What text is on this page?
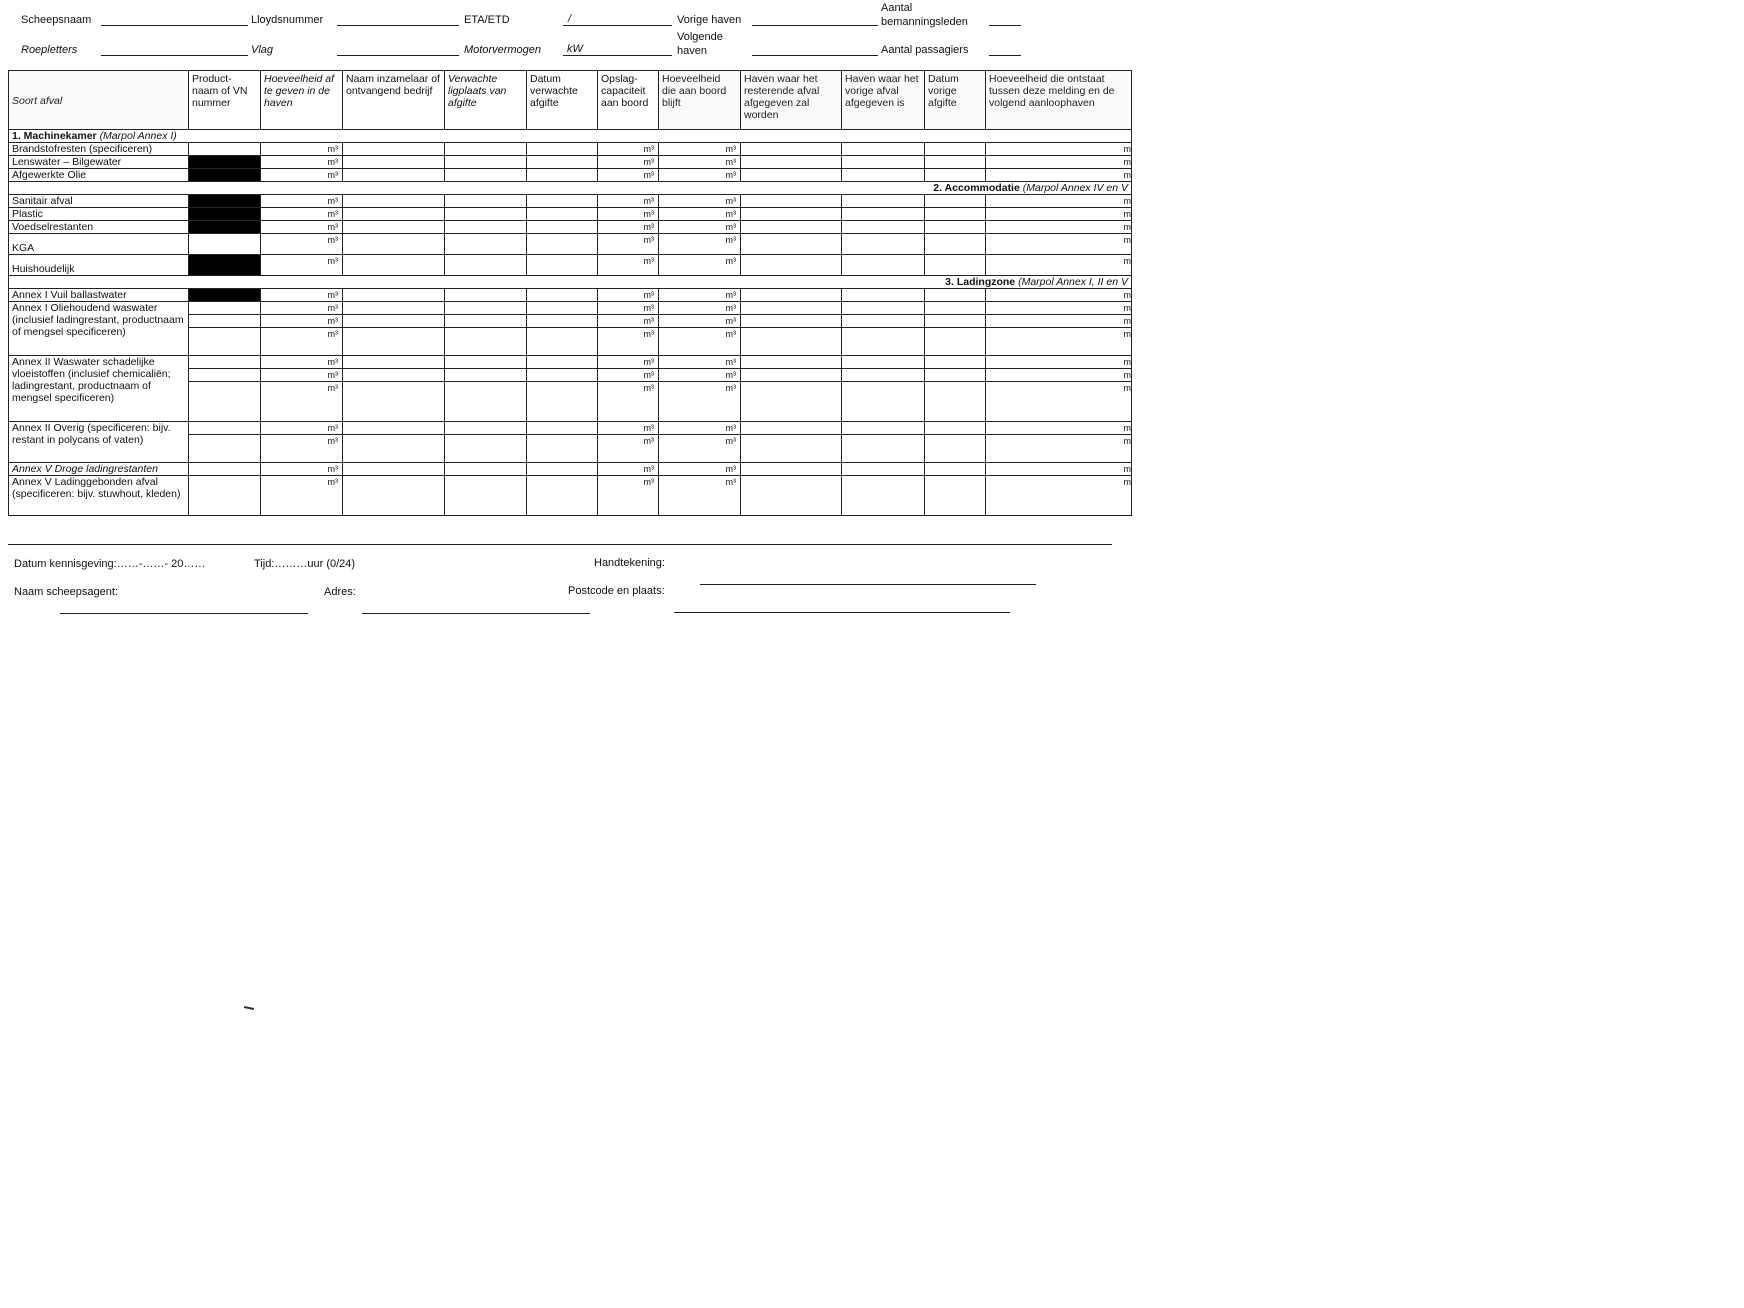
Scheepsnaam	Lloydsnummer	ETA/ETD	/	Vorige haven
Aantal bemanningsleden
Roepletters	Vlag	Motorvermogen kW
Volgende haven	Aantal passagiers
Soort afval	Product-naam of VN nummer	Hoeveelheid af te geven in de haven	Naam inzamelaar of ontvangend bedrijf	Verwachte ligplaats van afgifte	Datum verwachte afgifte	Opslag-capaciteit aan boord	Hoeveelheid die aan boord blijft	Haven waar het resterende afval afgegeven zal worden	Haven waar het vorige afval afgegeven is	Datum vorige afgifte	Hoeveelheid die ontstaat tussen deze melding en de volgend aanloophaven
1. Machinekamer (Marpol Annex I)											
Brandstofresten (specificeren)		m³				m³	m³				m
Lenswater – Bilgewater		m³				m³	m³				m
Afgewerkte Olie		m³				m³	m³				m
2. Accommodatie (Marpol Annex IV en V											
Sanitair afval		m³				m³	m³				m
Plastic		m³				m³	m³				m
Voedselrestanten		m³				m³	m³				m
KGA		m³				m³	m³				m
Huishoudelijk		m³				m³	m³				m
3. Ladingzone (Marpol Annex I, II en V											
Annex I Vuil ballastwater		m³				m³	m³				m
Annex I Oliehoudend waswater (inclusief ladingrestant, productnaam of mengsel specificeren)		m³				m³	m³				m
		m³				m³	m³				m
		m³				m³	m³				m
Annex II Waswater schadelijke vloeistoffen (inclusief chemicaliën; ladingrestant, productnaam of mengsel specificeren)		m³				m³	m³				m
		m³				m³	m³				m
		m³				m³	m³				m
Annex II Overig (specificeren: bijv. restant in polycans of vaten)		m³				m³	m³				m
		m³				m³	m³				m
Annex V Droge ladingrestanten		m³				m³	m³				m
Annex V Ladinggebonden afval (specificeren: bijv. stuwhout, kleden)		m³				m³	m³				m
Datum kennisgeving:……-……- 20……	Tijd:………uur (0/24)	Handtekening:
Naam scheepsagent:	Adres:	Postcode en plaats:
